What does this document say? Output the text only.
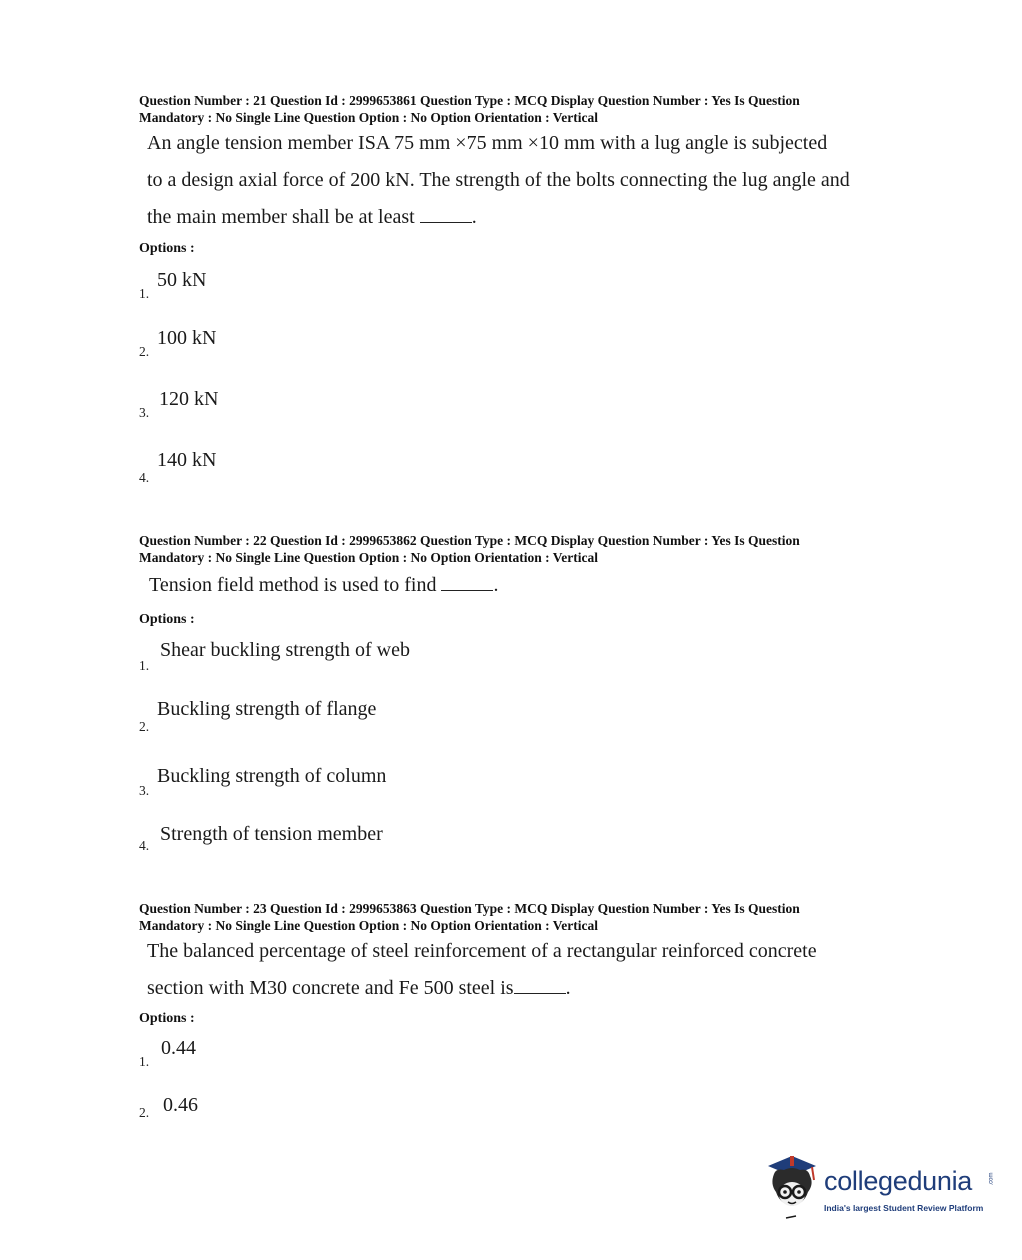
Question Number : 21 Question Id : 2999653861 Question Type : MCQ Display Question Number : Yes Is Question
Mandatory : No Single Line Question Option : No Option Orientation : Vertical
An angle tension member ISA 75 mm ×75 mm ×10 mm with a lug angle is subjected
to a design axial force of 200 kN. The strength of the bolts connecting the lug angle and
the main member shall be at least	.
Options :
50 kN
1.
100 kN
2.
120 kN
3.
140 kN
4.
Question Number : 22 Question Id : 2999653862 Question Type : MCQ Display Question Number : Yes Is Question
Mandatory : No Single Line Question Option : No Option Orientation : Vertical
Tension field method is used to find	.
Options :
Shear buckling strength of web
1.
Buckling strength of flange
2.
Buckling strength of column
3.
Strength of tension member
4.
Question Number : 23 Question Id : 2999653863 Question Type : MCQ Display Question Number : Yes Is Question
Mandatory : No Single Line Question Option : No Option Orientation : Vertical
The balanced percentage of steel reinforcement of a rectangular reinforced concrete
section with M30 concrete and Fe 500 steel is	.
Options :
0.44
1.
0.46
2.
collegedunia	.com
India's largest Student Review Platform
